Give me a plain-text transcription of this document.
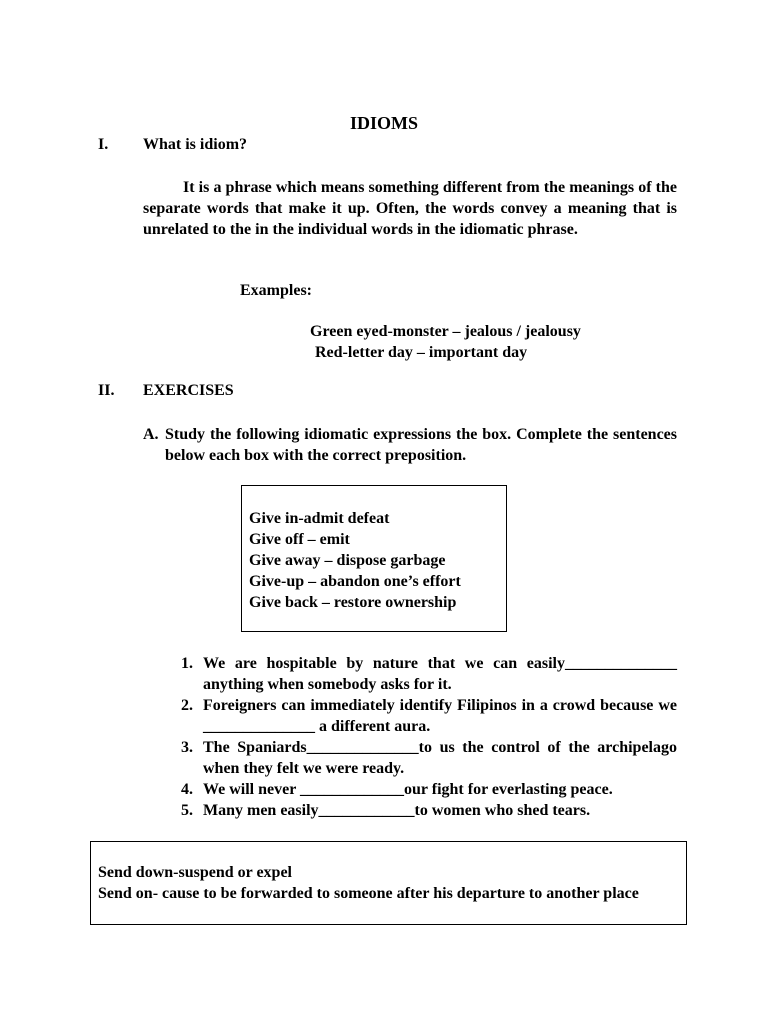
IDIOMS
I. What is idiom?
It is a phrase which means something different from the meanings of the separate words that make it up. Often, the words convey a meaning that is unrelated to the in the individual words in the idiomatic phrase.
Examples:
Green eyed-monster – jealous / jealousy
Red-letter day – important day
II. EXERCISES
A. Study the following idiomatic expressions the box. Complete the sentences below each box with the correct preposition.
Give in-admit defeat
Give off – emit
Give away – dispose garbage
Give-up – abandon one’s effort
Give back – restore ownership
1. We are hospitable by nature that we can easily______________ anything when somebody asks for it.
2. Foreigners can immediately identify Filipinos in a crowd because we ______________ a different aura.
3. The Spaniards______________to us the control of the archipelago when they felt we were ready.
4. We will never _____________our fight for everlasting peace.
5. Many men easily____________to women who shed tears.
Send down-suspend or expel
Send on- cause to be forwarded to someone after his departure to another place
